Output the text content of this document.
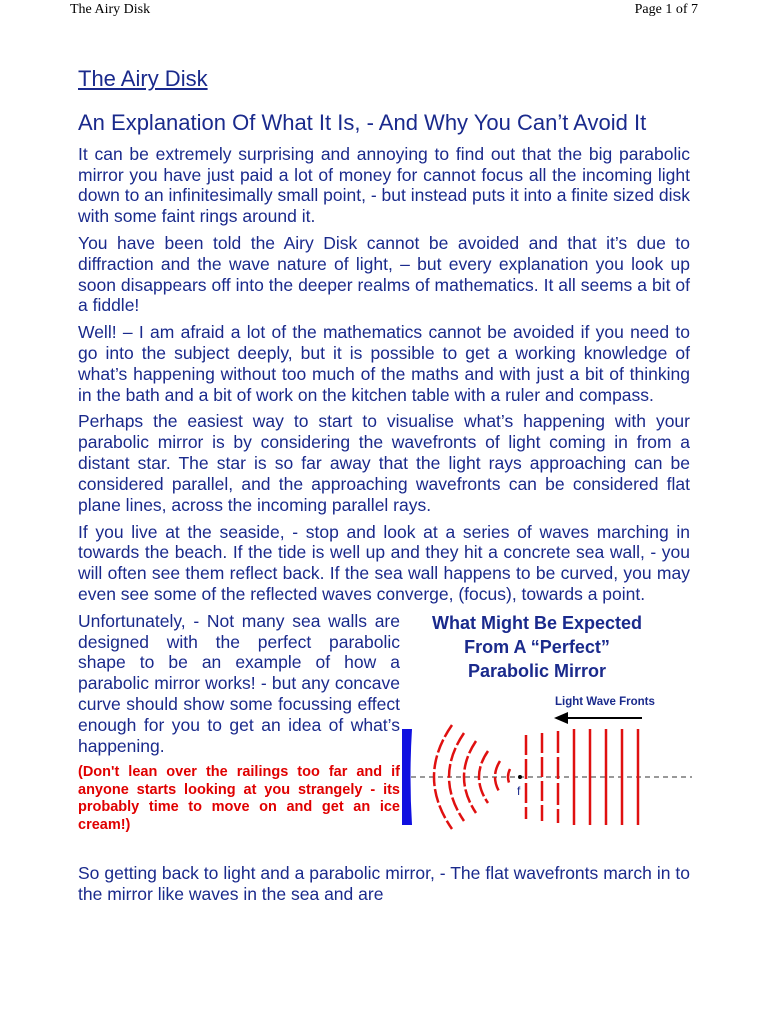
The Airy Disk	Page 1 of 7
The Airy Disk
An Explanation Of What It Is, - And Why You Can’t Avoid It

It can be extremely surprising and annoying to find out that the big parabolic mirror you have just paid a lot of money for cannot focus all the incoming light down to an infinitesimally small point, - but instead puts it into a finite sized disk with some faint rings around it.

You have been told the Airy Disk cannot be avoided and that it’s due to diffraction and the wave nature of light, – but every explanation you look up soon disappears off into the deeper realms of mathematics. It all seems a bit of a fiddle!

Well! – I am afraid a lot of the mathematics cannot be avoided if you need to go into the subject deeply, but it is possible to get a working knowledge of what’s happening without too much of the maths and with just a bit of thinking in the bath and a bit of work on the kitchen table with a ruler and compass.

Perhaps the easiest way to start to visualise what’s happening with your parabolic mirror is by considering the wavefronts of light coming in from a distant star. The star is so far away that the light rays approaching can be considered parallel, and the approaching wavefronts can be considered flat plane lines, across the incoming parallel rays.

If you live at the seaside, - stop and look at a series of waves marching in towards the beach. If the tide is well up and they hit a concrete sea wall, - you will often see them reflect back. If the sea wall happens to be curved, you may even see some of the reflected waves converge, (focus), towards a point.

Unfortunately, - Not many sea walls are designed with the perfect parabolic shape to be an example of how a parabolic mirror works! - but any concave curve should show some focussing effect enough for you to get an idea of what’s happening.

(Don't lean over the railings too far and if anyone starts looking at you strangely - its probably time to move on and get an ice cream!)

What Might Be Expected
From A “Perfect”
Parabolic Mirror
Light Wave Fronts
f

So getting back to light and a parabolic mirror, - The flat wavefronts march in to the mirror like waves in the sea and are
